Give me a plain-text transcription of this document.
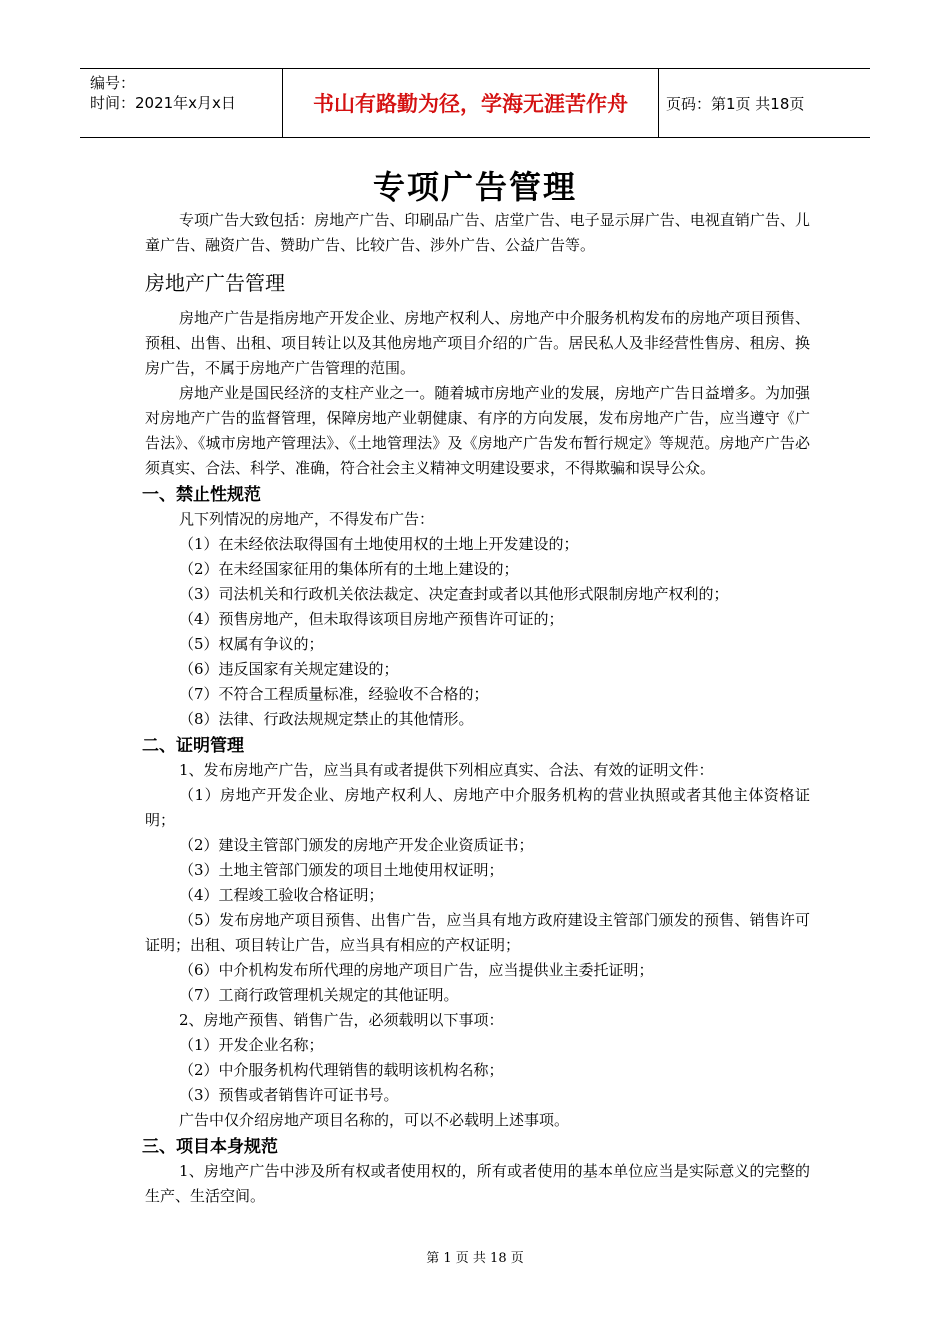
编号：
时间：2021年x月x日	书山有路勤为径，学海无涯苦作舟	页码：第1页 共18页
专项广告管理

专项广告大致包括：房地产广告、印刷品广告、店堂广告、电子显示屏广告、电视直销广告、儿童广告、融资广告、赞助广告、比较广告、涉外广告、公益广告等。

房地产广告管理

房地产广告是指房地产开发企业、房地产权利人、房地产中介服务机构发布的房地产项目预售、预租、出售、出租、项目转让以及其他房地产项目介绍的广告。居民私人及非经营性售房、租房、换房广告，不属于房地产广告管理的范围。

房地产业是国民经济的支柱产业之一。随着城市房地产业的发展，房地产广告日益增多。为加强对房地产广告的监督管理，保障房地产业朝健康、有序的方向发展，发布房地产广告，应当遵守《广告法》、《城市房地产管理法》、《土地管理法》及《房地产广告发布暂行规定》等规范。房地产广告必须真实、合法、科学、准确，符合社会主义精神文明建设要求，不得欺骗和误导公众。

一、禁止性规范

凡下列情况的房地产，不得发布广告：

（1）在未经依法取得国有土地使用权的土地上开发建设的；

（2）在未经国家征用的集体所有的土地上建设的；

（3）司法机关和行政机关依法裁定、决定查封或者以其他形式限制房地产权利的；

（4）预售房地产，但未取得该项目房地产预售许可证的；

（5）权属有争议的；

（6）违反国家有关规定建设的；

（7）不符合工程质量标准，经验收不合格的；

（8）法律、行政法规规定禁止的其他情形。

二、证明管理

1、发布房地产广告，应当具有或者提供下列相应真实、合法、有效的证明文件：

（1）房地产开发企业、房地产权利人、房地产中介服务机构的营业执照或者其他主体资格证明；

（2）建设主管部门颁发的房地产开发企业资质证书；

（3）土地主管部门颁发的项目土地使用权证明；

（4）工程竣工验收合格证明；

（5）发布房地产项目预售、出售广告，应当具有地方政府建设主管部门颁发的预售、销售许可证明；出租、项目转让广告，应当具有相应的产权证明；

（6）中介机构发布所代理的房地产项目广告，应当提供业主委托证明；

（7）工商行政管理机关规定的其他证明。

2、房地产预售、销售广告，必须载明以下事项：

（1）开发企业名称；

（2）中介服务机构代理销售的载明该机构名称；

（3）预售或者销售许可证书号。

广告中仅介绍房地产项目名称的，可以不必载明上述事项。

三、项目本身规范

1、房地产广告中涉及所有权或者使用权的，所有或者使用的基本单位应当是实际意义的完整的生产、生活空间。

第 1 页 共 18 页
